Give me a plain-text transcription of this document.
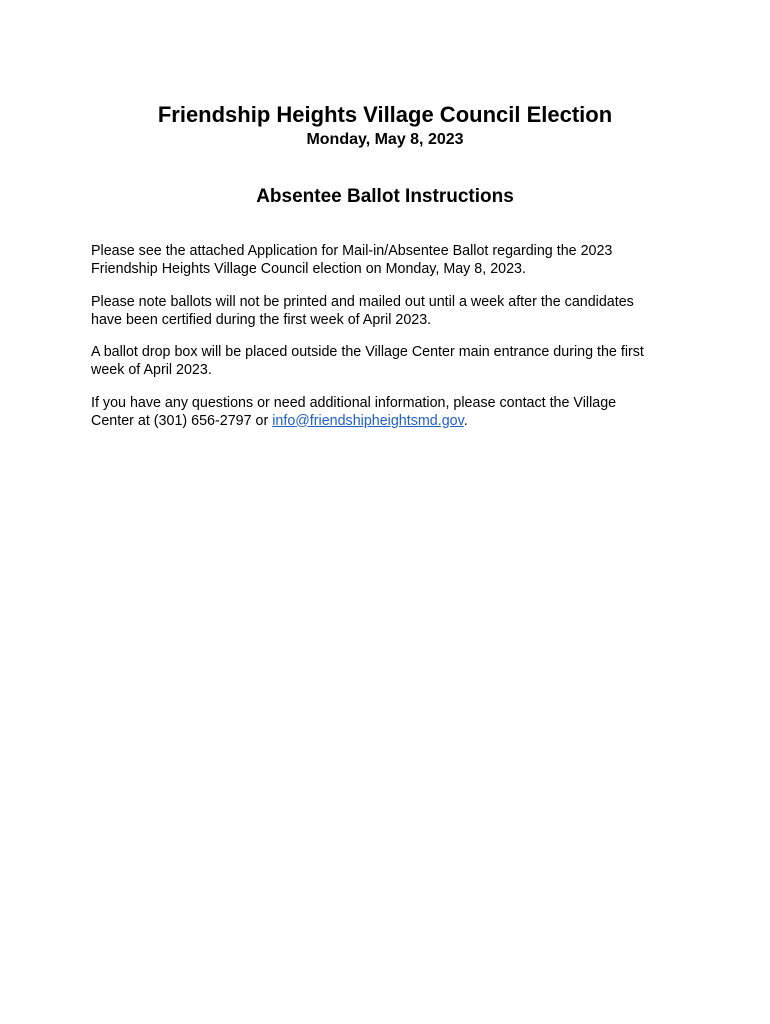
Friendship Heights Village Council Election
Monday, May 8, 2023
Absentee Ballot Instructions

Please see the attached Application for Mail-in/Absentee Ballot regarding the 2023
Friendship Heights Village Council election on Monday, May 8, 2023.

Please note ballots will not be printed and mailed out until a week after the candidates
have been certified during the first week of April 2023.

A ballot drop box will be placed outside the Village Center main entrance during the first
week of April 2023.

If you have any questions or need additional information, please contact the Village
Center at (301) 656-2797 or info@friendshipheightsmd.gov.
